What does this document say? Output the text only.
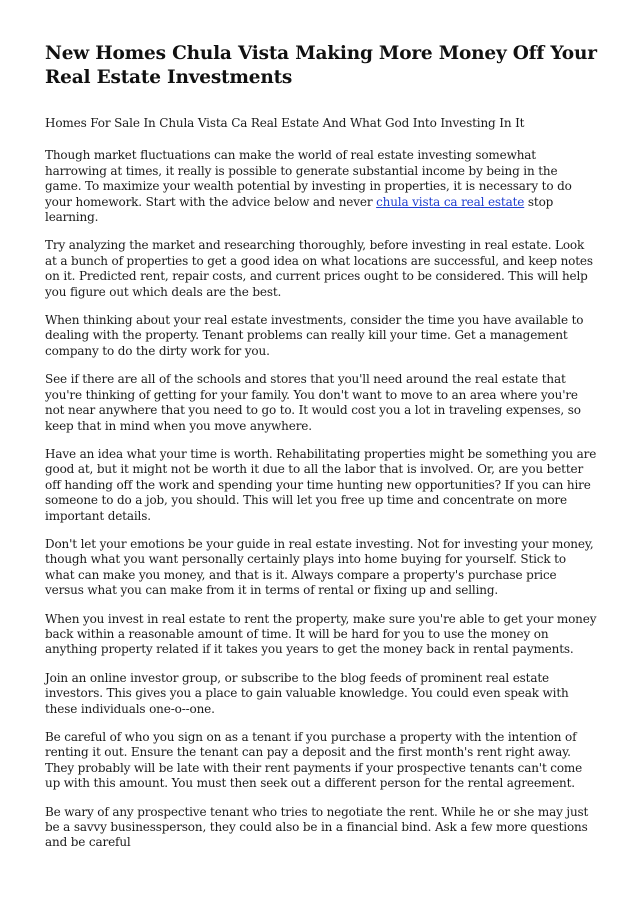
New Homes Chula Vista Making More Money Off Your Real Estate Investments

Homes For Sale In Chula Vista Ca Real Estate And What God Into Investing In It

Though market fluctuations can make the world of real estate investing somewhat harrowing at times, it really is possible to generate substantial income by being in the game. To maximize your wealth potential by investing in properties, it is necessary to do your homework. Start with the advice below and never chula vista ca real estate stop learning.

Try analyzing the market and researching thoroughly, before investing in real estate. Look at a bunch of properties to get a good idea on what locations are successful, and keep notes on it. Predicted rent, repair costs, and current prices ought to be considered. This will help you figure out which deals are the best.

When thinking about your real estate investments, consider the time you have available to dealing with the property. Tenant problems can really kill your time. Get a management company to do the dirty work for you.

See if there are all of the schools and stores that you'll need around the real estate that you're thinking of getting for your family. You don't want to move to an area where you're not near anywhere that you need to go to. It would cost you a lot in traveling expenses, so keep that in mind when you move anywhere.

Have an idea what your time is worth. Rehabilitating properties might be something you are good at, but it might not be worth it due to all the labor that is involved. Or, are you better off handing off the work and spending your time hunting new opportunities? If you can hire someone to do a job, you should. This will let you free up time and concentrate on more important details.

Don't let your emotions be your guide in real estate investing. Not for investing your money, though what you want personally certainly plays into home buying for yourself. Stick to what can make you money, and that is it. Always compare a property's purchase price versus what you can make from it in terms of rental or fixing up and selling.

When you invest in real estate to rent the property, make sure you're able to get your money back within a reasonable amount of time. It will be hard for you to use the money on anything property related if it takes you years to get the money back in rental payments.

Join an online investor group, or subscribe to the blog feeds of prominent real estate investors. This gives you a place to gain valuable knowledge. You could even speak with these individuals one-o--one.

Be careful of who you sign on as a tenant if you purchase a property with the intention of renting it out. Ensure the tenant can pay a deposit and the first month's rent right away. They probably will be late with their rent payments if your prospective tenants can't come up with this amount. You must then seek out a different person for the rental agreement.

Be wary of any prospective tenant who tries to negotiate the rent. While he or she may just be a savvy businessperson, they could also be in a financial bind. Ask a few more questions and be careful
